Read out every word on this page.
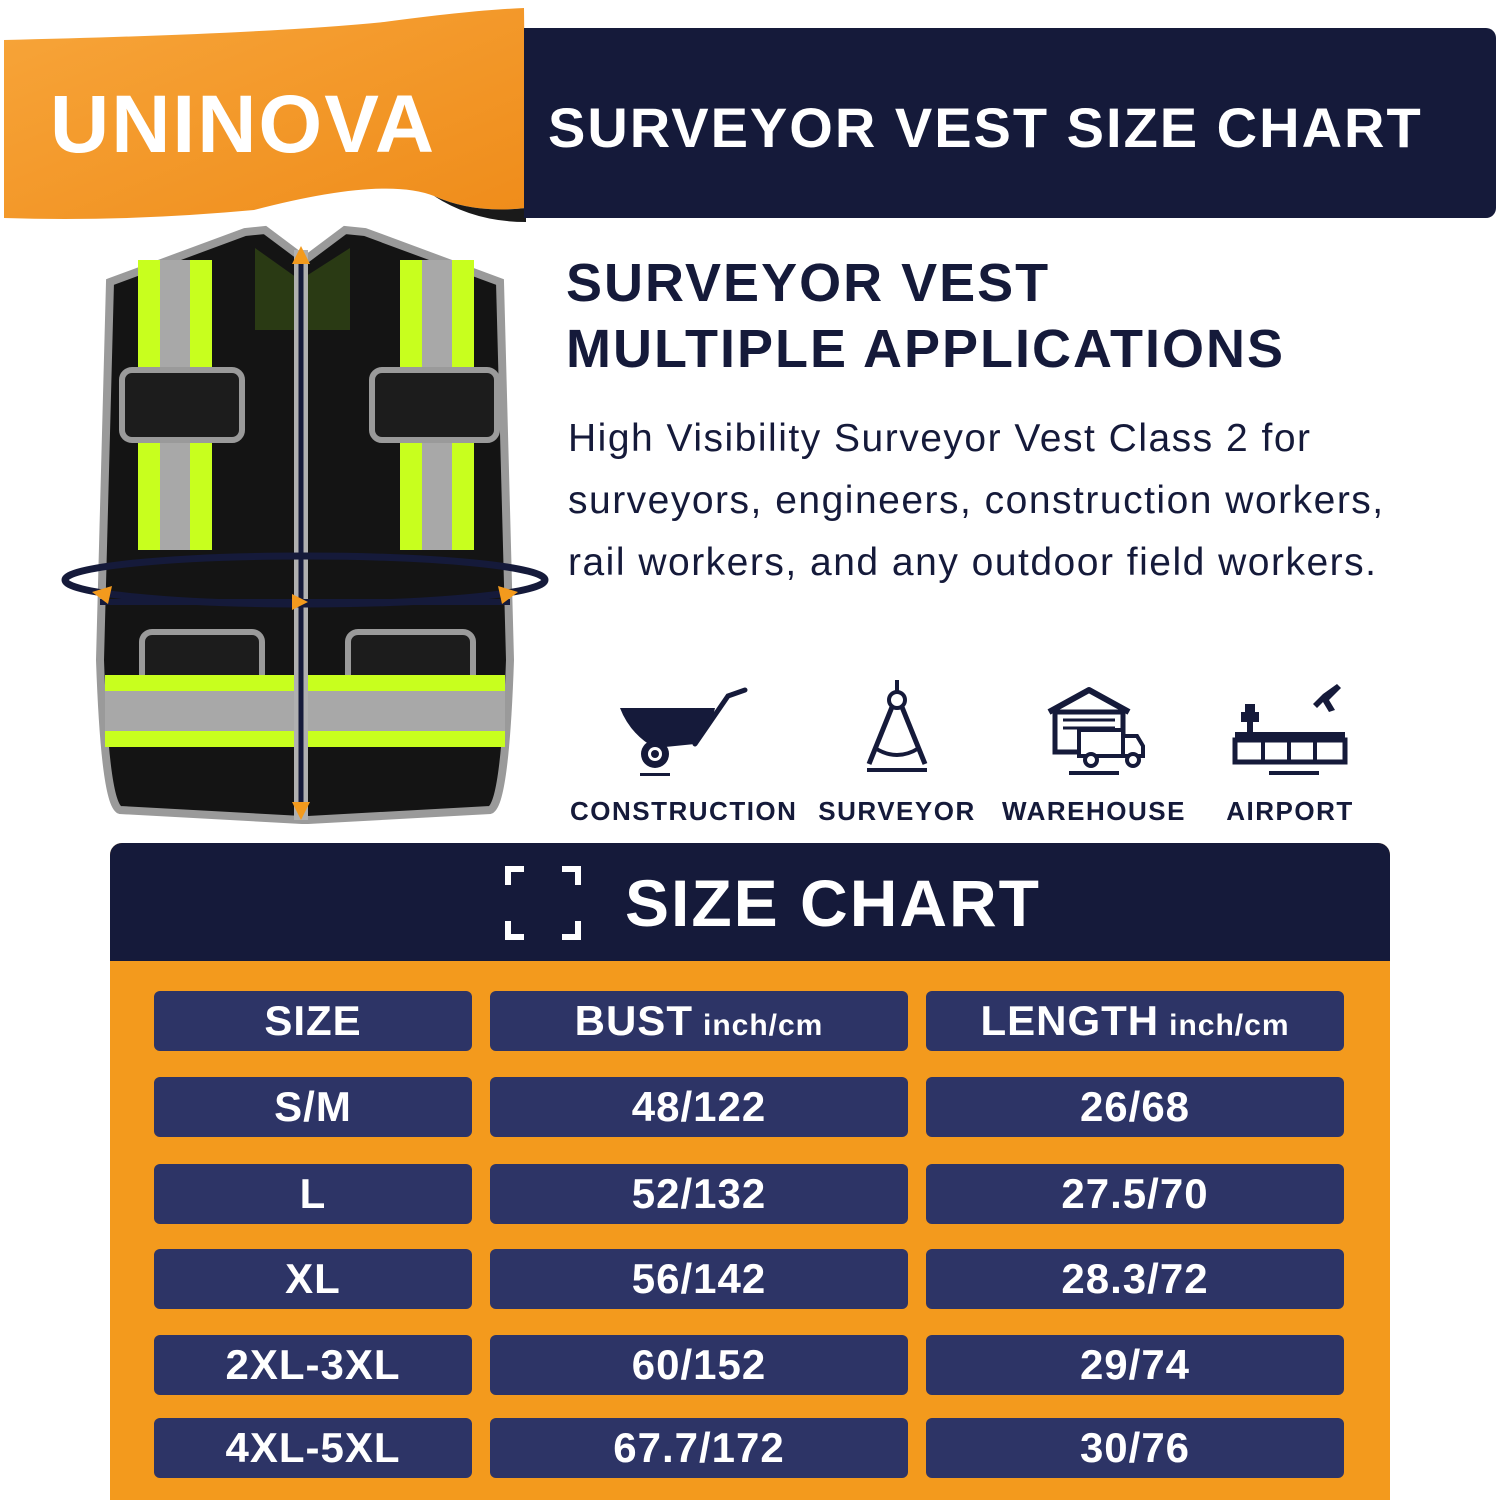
UNINOVA	SURVEYOR VEST SIZE CHART
SURVEYOR VEST
MULTIPLE APPLICATIONS
High Visibility Surveyor Vest Class 2 for surveyors, engineers, construction workers, rail workers, and any outdoor field workers.
CONSTRUCTION SURVEYOR	WAREHOUSE	AIRPORT
SIZE CHART
SIZE	BUST inch/cm	LENGTH inch/cm
S/M	48/122	26/68
L	52/132	27.5/70
XL	56/142	28.3/72
2XL-3XL	60/152	29/74
4XL-5XL	67.7/172	30/76
